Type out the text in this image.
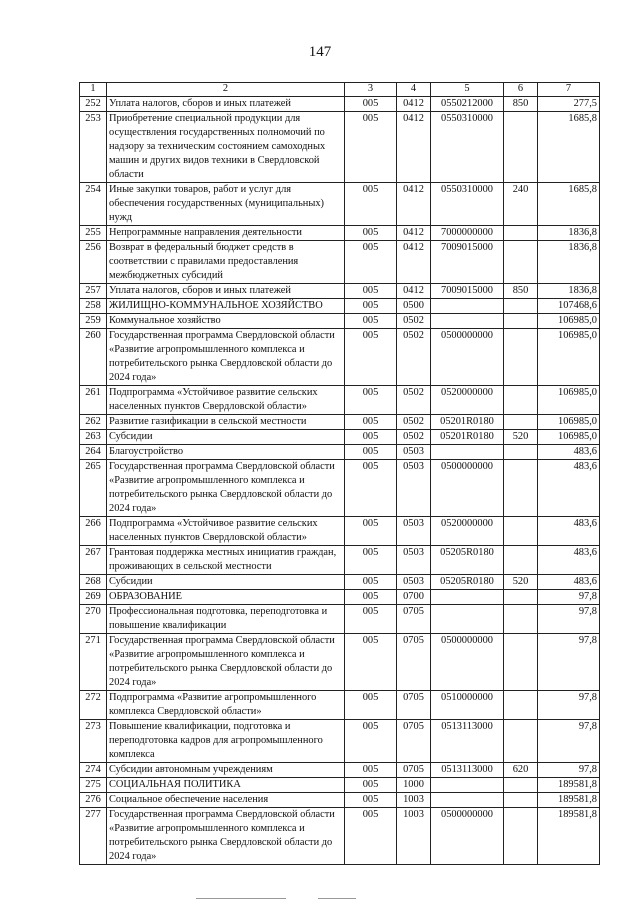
147
1	2	3	4	5	6	7
252	Уплата налогов, сборов и иных платежей	005	0412	0550212000	850	277,5
253	Приобретение специальной продукции для осуществления государственных полномочий по надзору за техническим состоянием самоходных машин и других видов техники в Свердловской области	005	0412	0550310000		1685,8
254	Иные закупки товаров, работ и услуг для обеспечения государственных (муниципальных) нужд	005	0412	0550310000	240	1685,8
255	Непрограммные направления деятельности	005	0412	7000000000		1836,8
256	Возврат в федеральный бюджет средств в соответствии с правилами предоставления межбюджетных субсидий	005	0412	7009015000		1836,8
257	Уплата налогов, сборов и иных платежей	005	0412	7009015000	850	1836,8
258	ЖИЛИЩНО-КОММУНАЛЬНОЕ ХОЗЯЙСТВО	005	0500			107468,6
259	Коммунальное хозяйство	005	0502			106985,0
260	Государственная программа Свердловской области «Развитие агропромышленного комплекса и потребительского рынка Свердловской области до 2024 года»	005	0502	0500000000		106985,0
261	Подпрограмма «Устойчивое развитие сельских населенных пунктов Свердловской области»	005	0502	0520000000		106985,0
262	Развитие газификации в сельской местности	005	0502	05201R0180		106985,0
263	Субсидии	005	0502	05201R0180	520	106985,0
264	Благоустройство	005	0503			483,6
265	Государственная программа Свердловской области «Развитие агропромышленного комплекса и потребительского рынка Свердловской области до 2024 года»	005	0503	0500000000		483,6
266	Подпрограмма «Устойчивое развитие сельских населенных пунктов Свердловской области»	005	0503	0520000000		483,6
267	Грантовая поддержка местных инициатив граждан, проживающих в сельской местности	005	0503	05205R0180		483,6
268	Субсидии	005	0503	05205R0180	520	483,6
269	ОБРАЗОВАНИЕ	005	0700			97,8
270	Профессиональная подготовка, переподготовка и повышение квалификации	005	0705			97,8
271	Государственная программа Свердловской области «Развитие агропромышленного комплекса и потребительского рынка Свердловской области до 2024 года»	005	0705	0500000000		97,8
272	Подпрограмма «Развитие агропромышленного комплекса Свердловской области»	005	0705	0510000000		97,8
273	Повышение квалификации, подготовка и переподготовка кадров для агропромышленного комплекса	005	0705	0513113000		97,8
274	Субсидии автономным учреждениям	005	0705	0513113000	620	97,8
275	СОЦИАЛЬНАЯ ПОЛИТИКА	005	1000			189581,8
276	Социальное обеспечение населения	005	1003			189581,8
277	Государственная программа Свердловской области «Развитие агропромышленного комплекса и потребительского рынка Свердловской области до 2024 года»	005	1003	0500000000		189581,8
